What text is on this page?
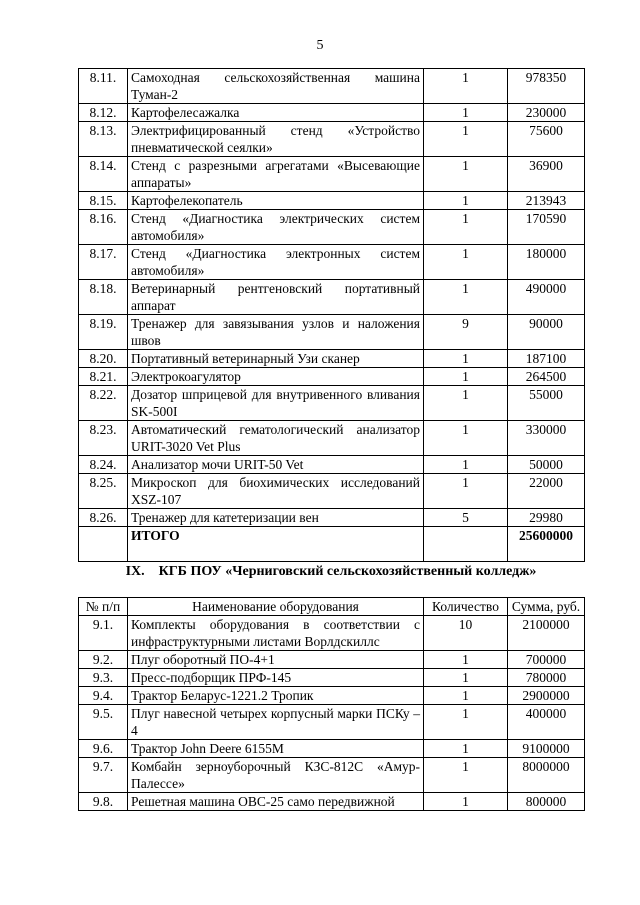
5
8.11.	Самоходная сельскохозяйственная машина Туман-2	1	978350
8.12.	Картофелесажалка	1	230000
8.13.	Электрифицированный стенд «Устройство пневматической сеялки»	1	75600
8.14.	Стенд с разрезными агрегатами «Высевающие аппараты»	1	36900
8.15.	Картофелекопатель	1	213943
8.16.	Стенд «Диагностика электрических систем автомобиля»	1	170590
8.17.	Стенд «Диагностика электронных систем автомобиля»	1	180000
8.18.	Ветеринарный рентгеновский портативный аппарат	1	490000
8.19.	Тренажер для завязывания узлов и наложения швов	9	90000
8.20.	Портативный ветеринарный Узи сканер	1	187100
8.21.	Электрокоагулятор	1	264500
8.22.	Дозатор шприцевой для внутривенного вливания SK-500I	1	55000
8.23.	Автоматический гематологический анализатор URIT-3020 Vet Plus	1	330000
8.24.	Анализатор мочи URIT-50 Vet	1	50000
8.25.	Микроскоп для биохимических исследований XSZ-107	1	22000
8.26.	Тренажер для катетеризации вен	5	29980
	ИТОГО		25600000
IX. КГБ ПОУ «Черниговский сельскохозяйственный колледж»
№ п/п	Наименование оборудования	Количество	Сумма, руб.
9.1.	Комплекты оборудования в соответствии с инфраструктурными листами Ворлдскиллс	10	2100000
9.2.	Плуг оборотный ПО-4+1	1	700000
9.3.	Пресс-подборщик ПРФ-145	1	780000
9.4.	Трактор Беларус-1221.2 Тропик	1	2900000
9.5.	Плуг навесной четырех корпусный марки ПСКу – 4	1	400000
9.6.	Трактор John Deere 6155M	1	9100000
9.7.	Комбайн зерноуборочный КЗС-812С «Амур-Палессе»	1	8000000
9.8.	Решетная машина ОВС-25 само передвижной	1	800000
